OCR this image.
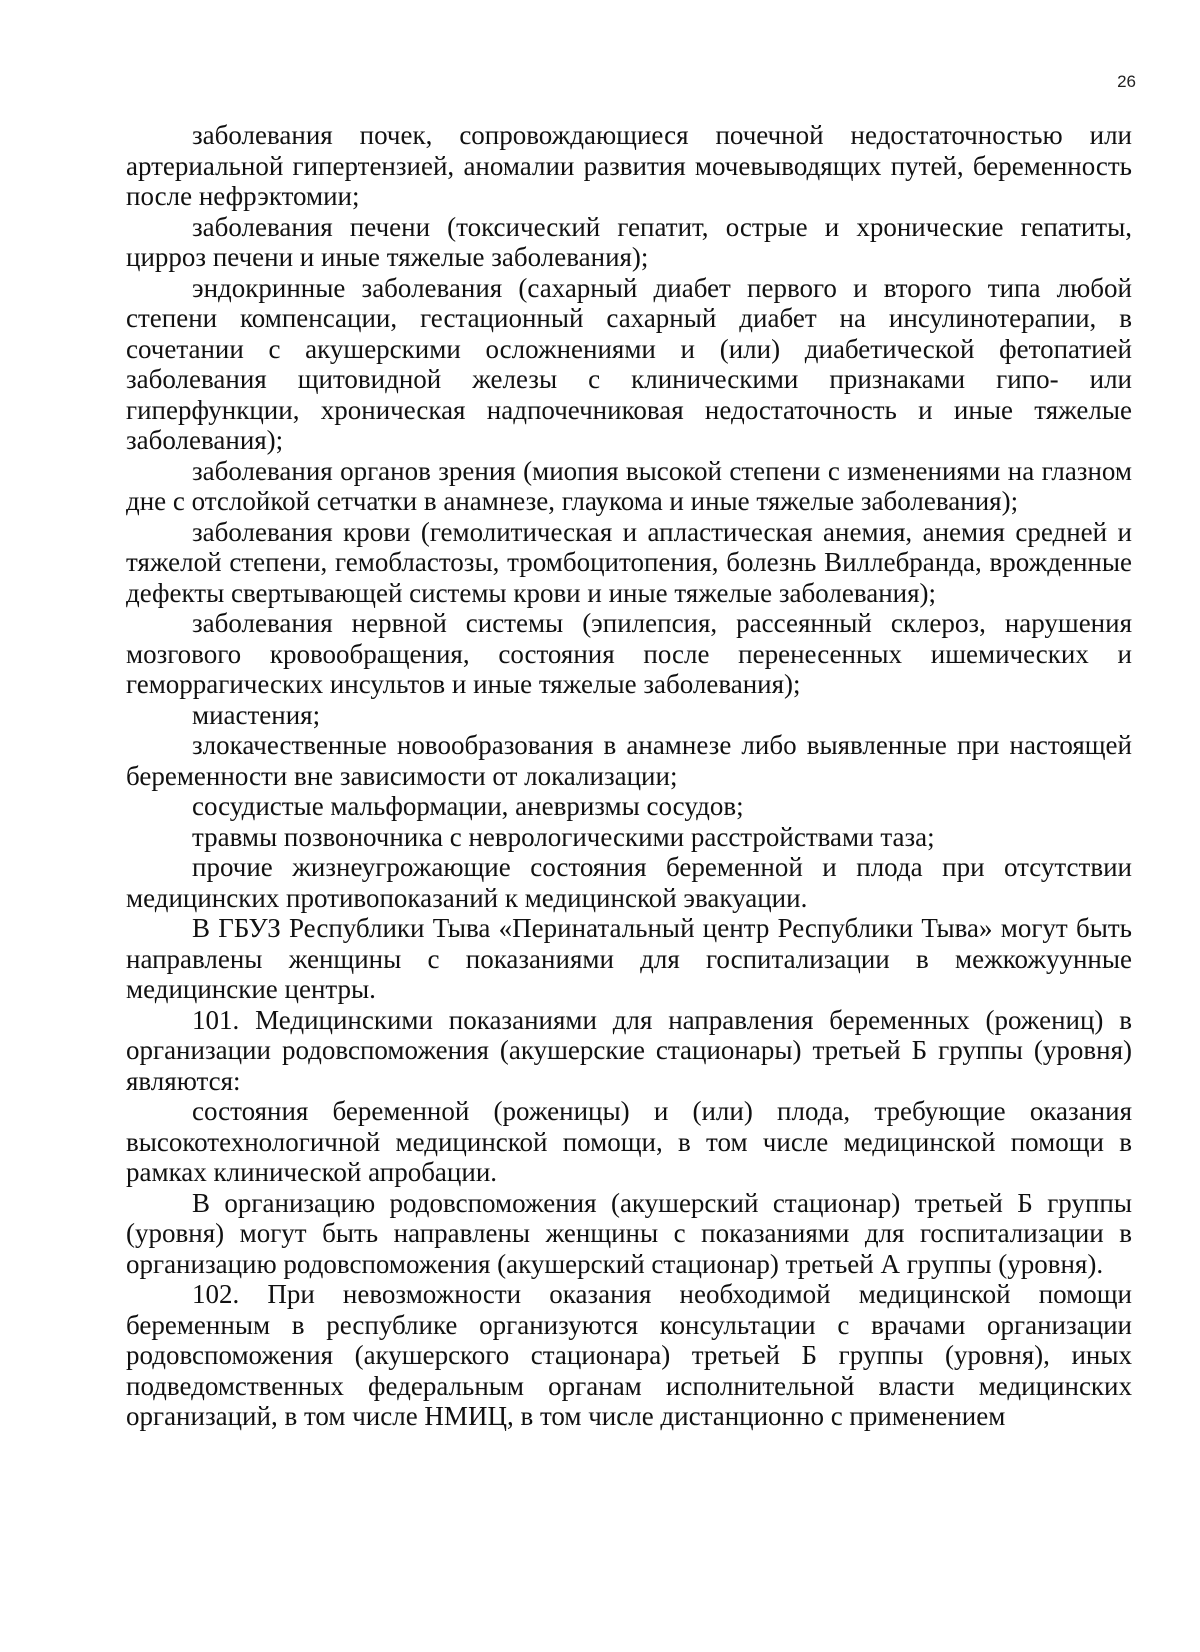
26

заболевания почек, сопровождающиеся почечной недостаточностью или артериальной гипертензией, аномалии развития мочевыводящих путей, беременность после нефрэктомии;

заболевания печени (токсический гепатит, острые и хронические гепатиты, цирроз печени и иные тяжелые заболевания);

эндокринные заболевания (сахарный диабет первого и второго типа любой степени компенсации, гестационный сахарный диабет на инсулинотерапии, в сочетании с акушерскими осложнениями и (или) диабетической фетопатией заболевания щитовидной железы с клиническими признаками гипо- или гиперфункции, хроническая надпочечниковая недостаточность и иные тяжелые заболевания);

заболевания органов зрения (миопия высокой степени с изменениями на глазном дне с отслойкой сетчатки в анамнезе, глаукома и иные тяжелые заболевания);

заболевания крови (гемолитическая и апластическая анемия, анемия средней и тяжелой степени, гемобластозы, тромбоцитопения, болезнь Виллебранда, врожденные дефекты свертывающей системы крови и иные тяжелые заболевания);

заболевания нервной системы (эпилепсия, рассеянный склероз, нарушения мозгового кровообращения, состояния после перенесенных ишемических и геморрагических инсультов и иные тяжелые заболевания);

миастения;

злокачественные новообразования в анамнезе либо выявленные при настоящей беременности вне зависимости от локализации;

сосудистые мальформации, аневризмы сосудов;

травмы позвоночника с неврологическими расстройствами таза;

прочие жизнеугрожающие состояния беременной и плода при отсутствии медицинских противопоказаний к медицинской эвакуации.

В ГБУЗ Республики Тыва «Перинатальный центр Республики Тыва» могут быть направлены женщины с показаниями для госпитализации в межкожуунные медицинские центры.

101. Медицинскими показаниями для направления беременных (рожениц) в организации родовспоможения (акушерские стационары) третьей Б группы (уровня) являются:

состояния беременной (роженицы) и (или) плода, требующие оказания высокотехнологичной медицинской помощи, в том числе медицинской помощи в рамках клинической апробации.

В организацию родовспоможения (акушерский стационар) третьей Б группы (уровня) могут быть направлены женщины с показаниями для госпитализации в организацию родовспоможения (акушерский стационар) третьей А группы (уровня).

102. При невозможности оказания необходимой медицинской помощи беременным в республике организуются консультации с врачами организации родовспоможения (акушерского стационара) третьей Б группы (уровня), иных подведомственных федеральным органам исполнительной власти медицинских организаций, в том числе НМИЦ, в том числе дистанционно с применением
